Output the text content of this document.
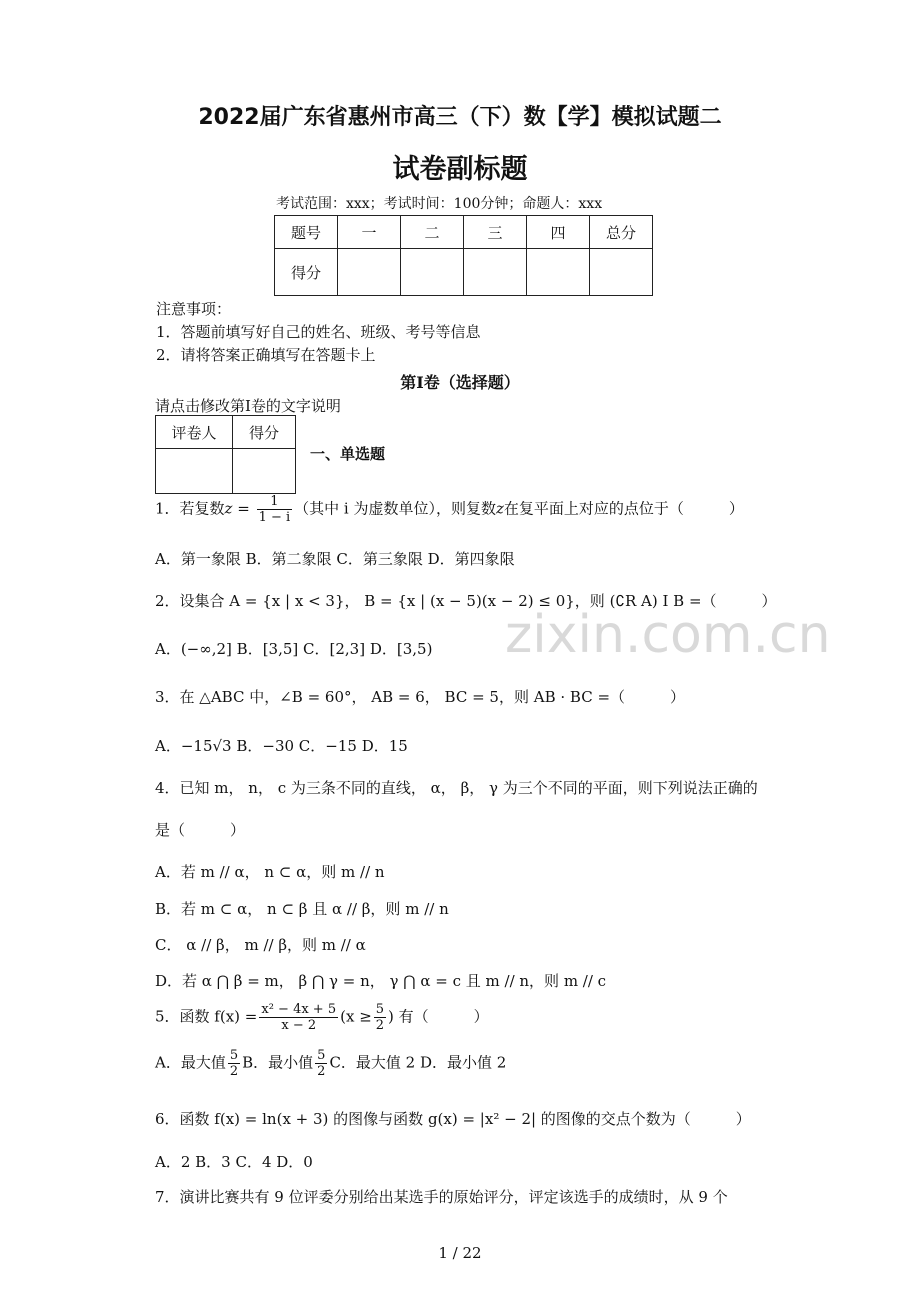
2022届广东省惠州市高三（下）数【学】模拟试题二
试卷副标题
考试范围：xxx；考试时间：100分钟；命题人：xxx
题号	一	二	三	四	总分
得分					
注意事项：
1．答题前填写好自己的姓名、班级、考号等信息
2．请将答案正确填写在答题卡上
第I卷（选择题）
请点击修改第I卷的文字说明
评卷人	得分

一、单选题
1．若复数$z = \frac{1}{1 - i}$ （其中 i 为虚数单位），则复数z在复平面上对应的点位于（　　　）
A．第一象限 B．第二象限 C．第三象限 D．第四象限
2．设集合 A = {x | x < 3}， B = {x | (x − 5)(x − 2) ≤ 0}，则 (∁R A) I B =（　　　）
A．(−∞,2] B．[3,5] C．[2,3] D．[3,5)
3．在 △ABC 中，∠B = 60°， AB = 6， BC = 5，则 AB · BC =（　　　）
A．−15√3 B．−30 C．−15 D．15
4．已知 m， n， c 为三条不同的直线， α， β， γ 为三个不同的平面，则下列说法正确的
是（　　　）
A．若 m // α， n ⊂ α，则 m // n
B．若 m ⊂ α， n ⊂ β 且 α // β，则 m // n
C． α // β， m // β，则 m // α
D．若 α ⋂ β = m， β ⋂ γ = n， γ ⋂ α = c 且 m // n，则 m // c
5．函数 $f(x) = \frac{\text{x² − 4x + 5}}{x - 2} (x \ge \frac{5}{2}$ ) 有（　　　）
A．最大值 $\frac{5}{2}$ B．最小值 $\frac{5}{2}$ C．最大值 2 D．最小值 2
6．函数 f(x) = ln(x + 3) 的图像与函数 g(x) = |x² − 2| 的图像的交点个数为（　　　）
A．2 B．3 C．4 D．0
7．演讲比赛共有 9 位评委分别给出某选手的原始评分，评定该选手的成绩时，从 9 个
zixin.com.cn
1 / 22
